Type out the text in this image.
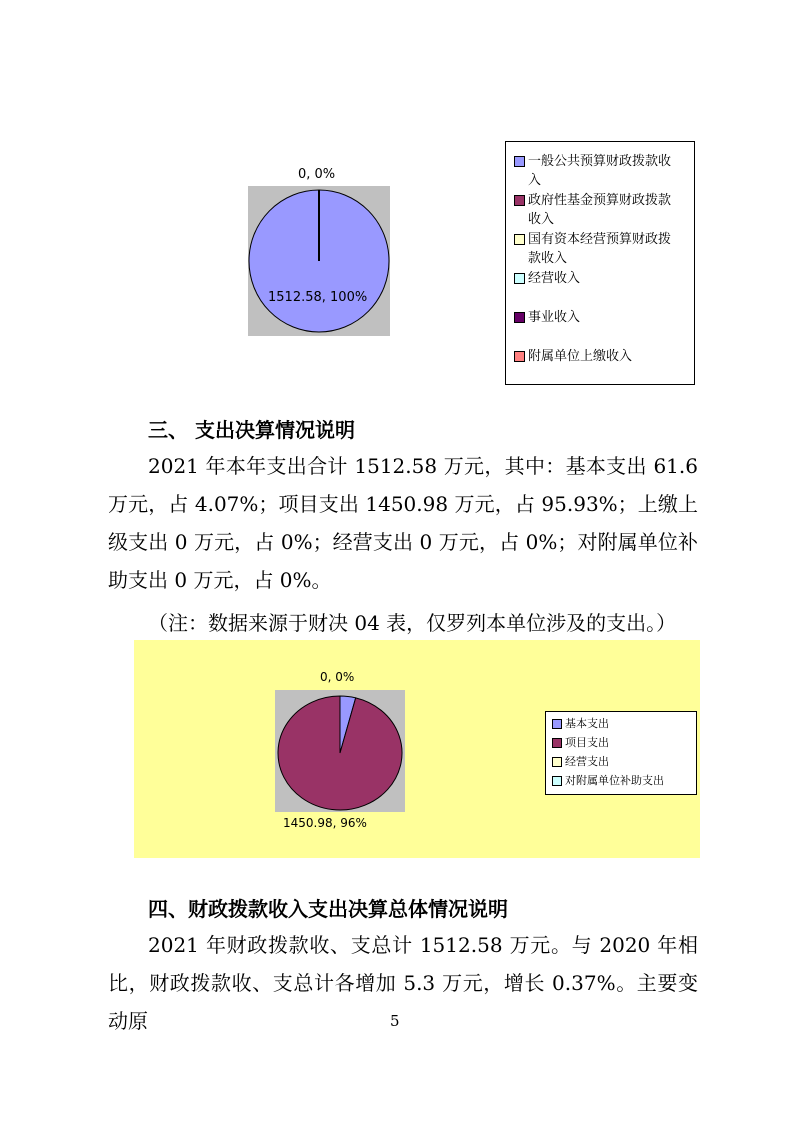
0, 0%
1512.58, 100%
一般公共预算财政拨款收
入
政府性基金预算财政拨款
收入
国有资本经营预算财政拨
款收入
经营收入
事业收入
附属单位上缴收入
三、 支出决算情况说明
2021 年本年支出合计 1512.58 万元，其中：基本支出 61.6 万元，占 4.07%；项目支出 1450.98 万元，占 95.93%；上缴上级支出 0 万元，占 0%；经营支出 0 万元，占 0%；对附属单位补助支出 0 万元，占 0%。
（注：数据来源于财决 04 表，仅罗列本单位涉及的支出。）
0, 0%
1450.98, 96%
基本支出
项目支出
经营支出
对附属单位补助支出
四、财政拨款收入支出决算总体情况说明
2021 年财政拨款收、支总计 1512.58 万元。与 2020 年相比，财政拨款收、支总计各增加 5.3 万元，增长 0.37%。主要变动原	5
